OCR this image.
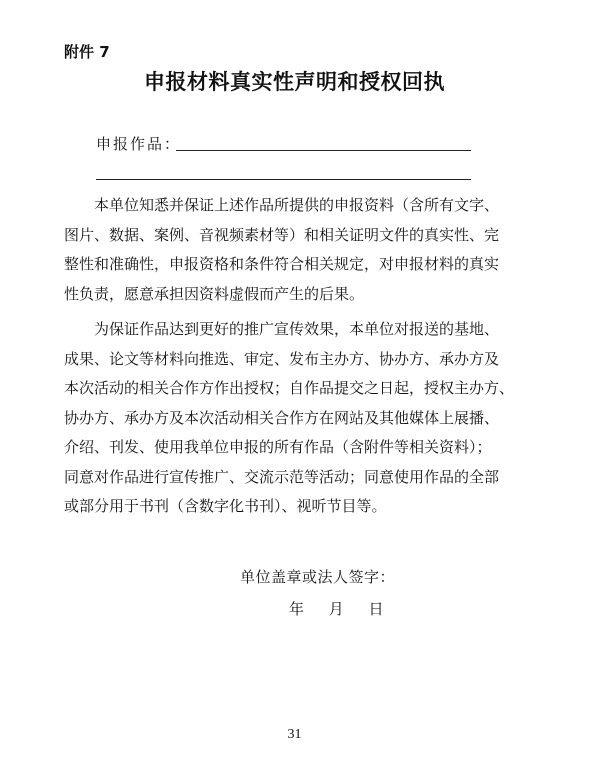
附件 7
申报材料真实性声明和授权回执
申报作品：
　　本单位知悉并保证上述作品所提供的申报资料（含所有文字、
图片、数据、案例、音视频素材等）和相关证明文件的真实性、完
整性和准确性，申报资格和条件符合相关规定，对申报材料的真实
性负责，愿意承担因资料虚假而产生的后果。
　　为保证作品达到更好的推广宣传效果，本单位对报送的基地、
成果、论文等材料向推选、审定、发布主办方、协办方、承办方及
本次活动的相关合作方作出授权；自作品提交之日起，授权主办方、
协办方、承办方及本次活动相关合作方在网站及其他媒体上展播、
介绍、刊发、使用我单位申报的所有作品（含附件等相关资料）；
同意对作品进行宣传推广、交流示范等活动；同意使用作品的全部
或部分用于书刊（含数字化书刊）、视听节目等。
单位盖章或法人签字：
年 月 日
31
